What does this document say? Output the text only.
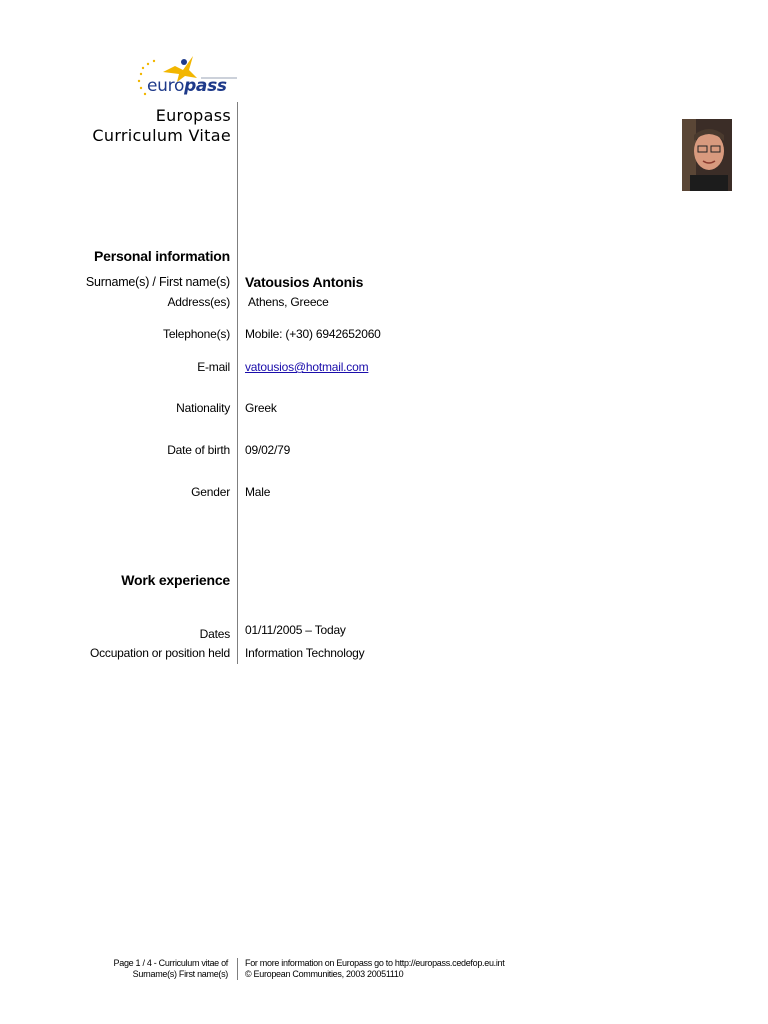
europass
Europass
Curriculum Vitae
Personal information
Surname(s) / First name(s) Vatousios Antonis
Address(es) Athens, Greece
Telephone(s) Mobile: (+30) 6942652060
E-mail vatousios@hotmail.com
Nationality Greek
Date of birth 09/02/79
Gender Male
Work experience
Dates 01/11/2005 – Today
Occupation or position held Information Technology
Page 1 / 4 - Curriculum vitae of
Surname(s) First name(s)
For more information on Europass go to http://europass.cedefop.eu.int
© European Communities, 2003 20051110
